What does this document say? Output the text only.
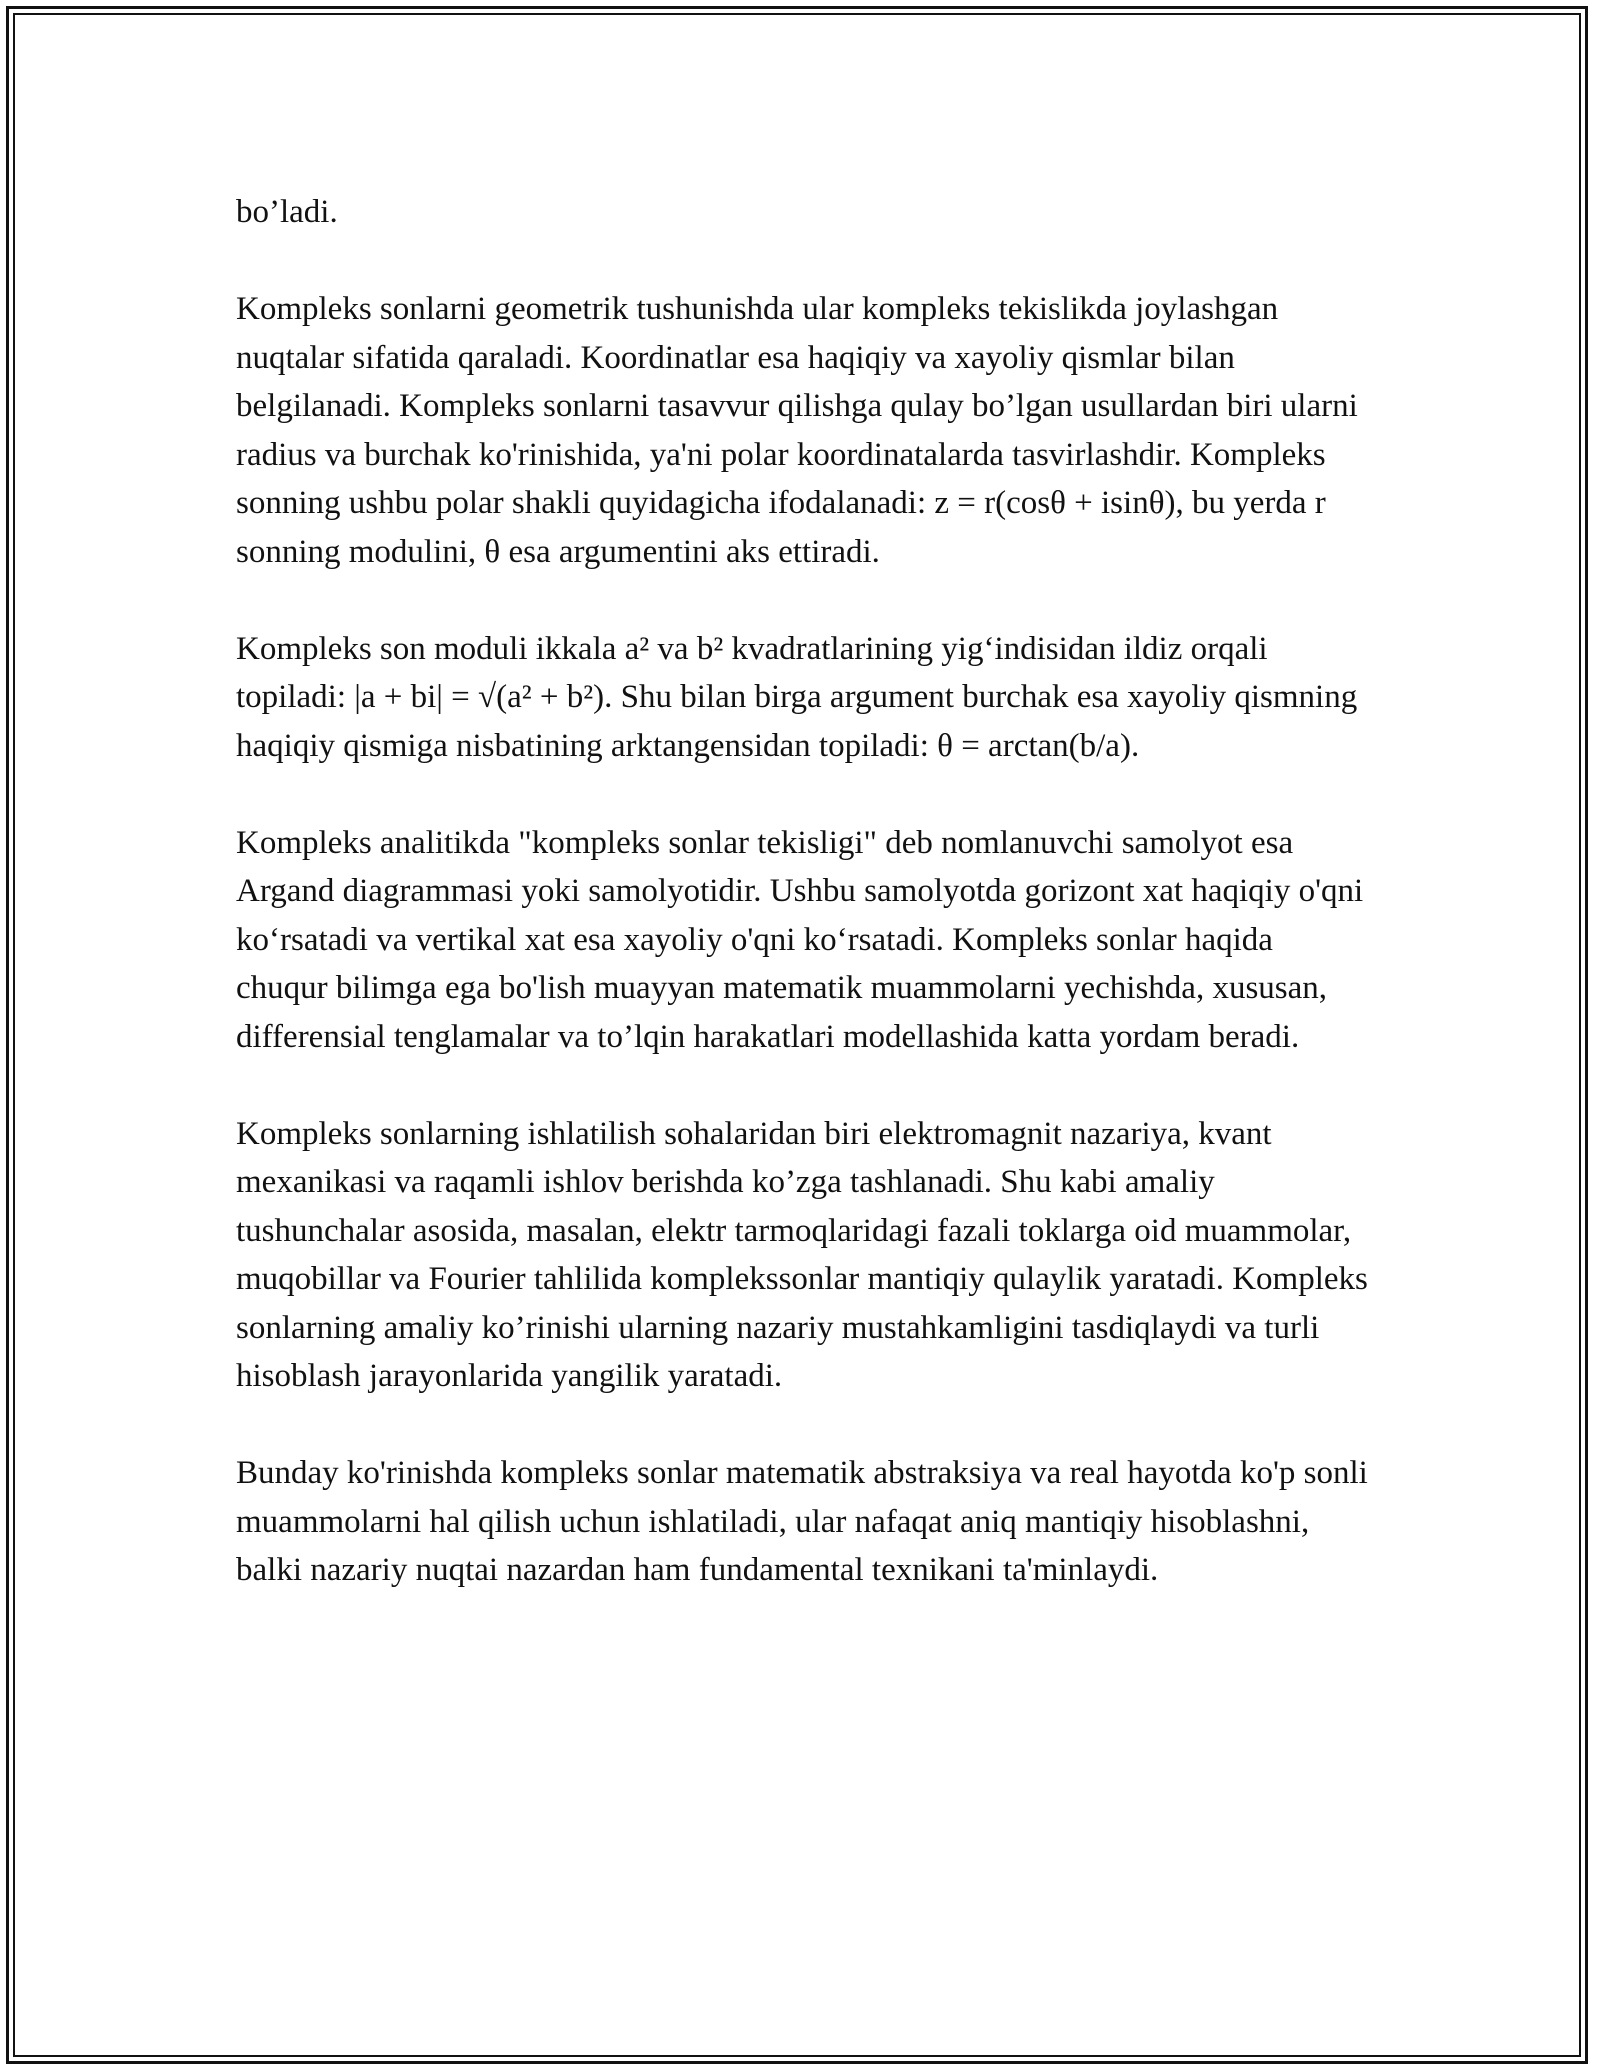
bo’ladi.

Kompleks sonlarni geometrik tushunishda ular kompleks tekislikda joylashgan nuqtalar sifatida qaraladi. Koordinatlar esa haqiqiy va xayoliy qismlar bilan belgilanadi. Kompleks sonlarni tasavvur qilishga qulay bo’lgan usullardan biri ularni radius va burchak ko'rinishida, ya'ni polar koordinatalarda tasvirlashdir. Kompleks sonning ushbu polar shakli quyidagicha ifodalanadi: z = r(cosθ + isinθ), bu yerda r sonning modulini, θ esa argumentini aks ettiradi.

Kompleks son moduli ikkala a² va b² kvadratlarining yig‘indisidan ildiz orqali topiladi: |a + bi| = √(a² + b²). Shu bilan birga argument burchak esa xayoliy qismning haqiqiy qismiga nisbatining arktangensidan topiladi: θ = arctan(b/a).

Kompleks analitikda "kompleks sonlar tekisligi" deb nomlanuvchi samolyot esa Argand diagrammasi yoki samolyotidir. Ushbu samolyotda gorizont xat haqiqiy o'qni ko‘rsatadi va vertikal xat esa xayoliy o'qni ko‘rsatadi. Kompleks sonlar haqida chuqur bilimga ega bo'lish muayyan matematik muammolarni yechishda, xususan, differensial tenglamalar va to’lqin harakatlari modellashida katta yordam beradi.

Kompleks sonlarning ishlatilish sohalaridan biri elektromagnit nazariya, kvant mexanikasi va raqamli ishlov berishda ko’zga tashlanadi. Shu kabi amaliy tushunchalar asosida, masalan, elektr tarmoqlaridagi fazali toklarga oid muammolar, muqobillar va Fourier tahlilida komplekssonlar mantiqiy qulaylik yaratadi. Kompleks sonlarning amaliy ko’rinishi ularning nazariy mustahkamligini tasdiqlaydi va turli hisoblash jarayonlarida yangilik yaratadi.

Bunday ko'rinishda kompleks sonlar matematik abstraksiya va real hayotda ko'p sonli muammolarni hal qilish uchun ishlatiladi, ular nafaqat aniq mantiqiy hisoblashni, balki nazariy nuqtai nazardan ham fundamental texnikani ta'minlaydi.
